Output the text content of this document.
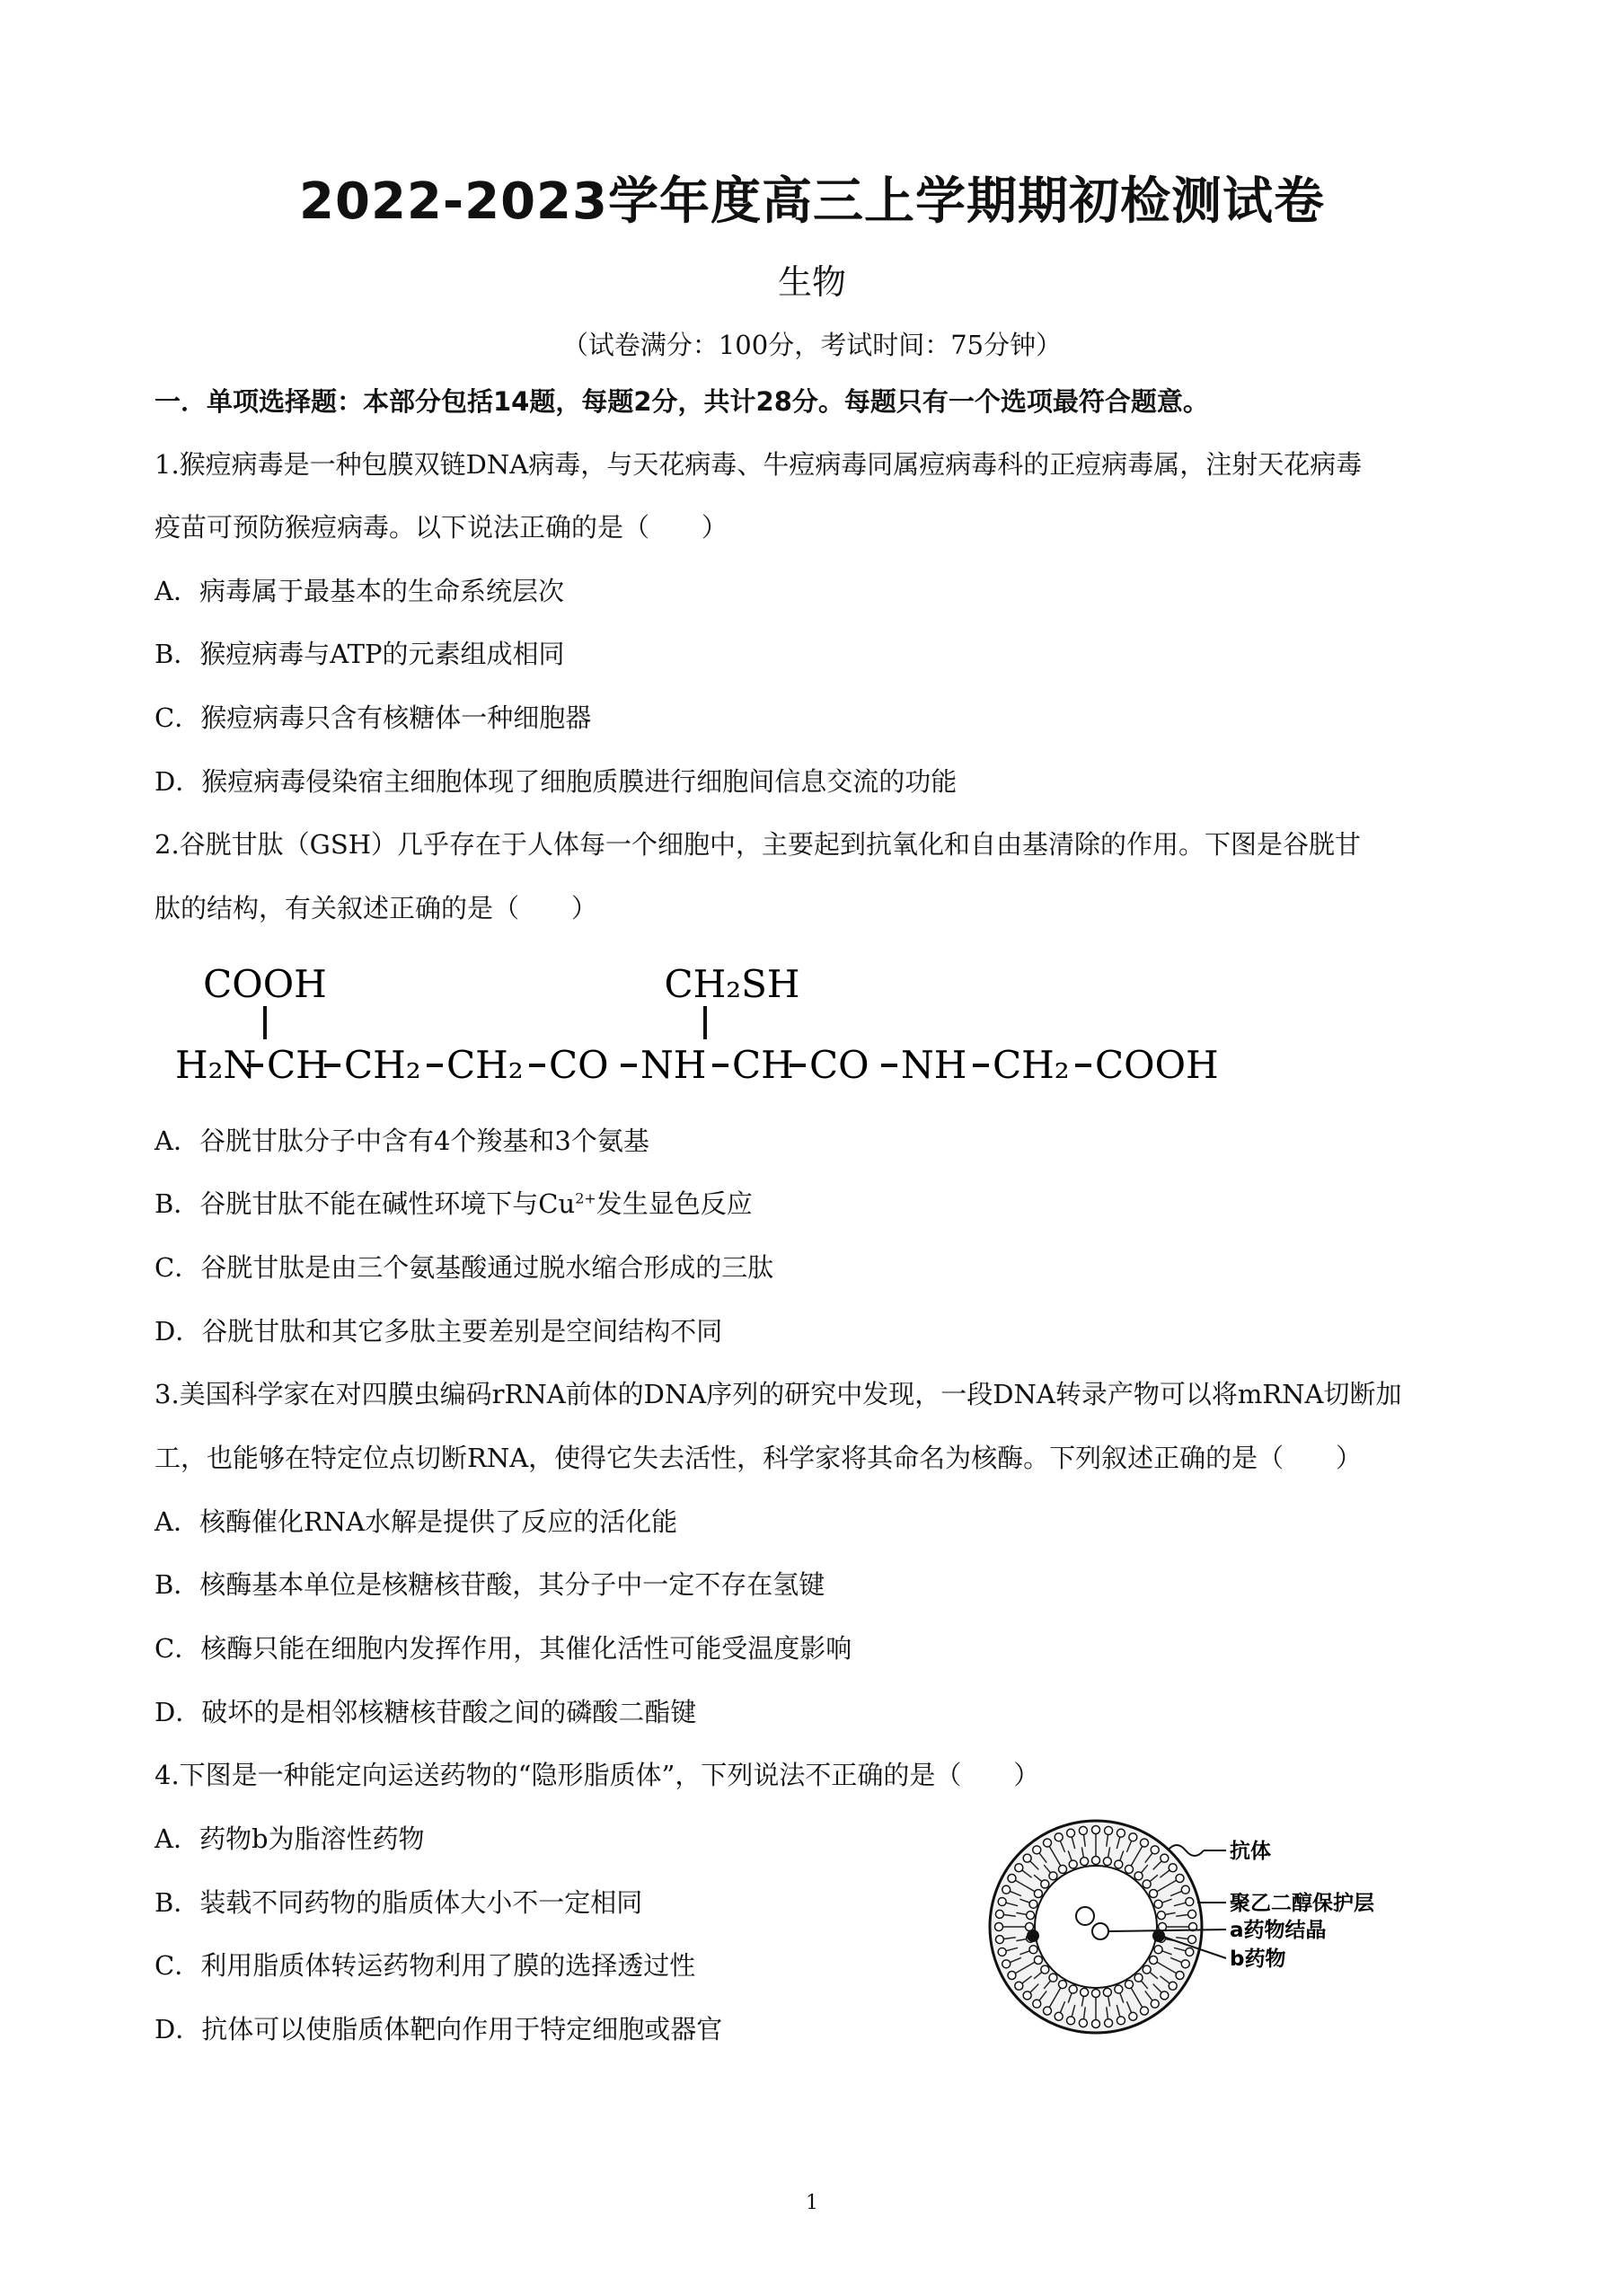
2022-2023学年度高三上学期期初检测试卷
生物
（试卷满分：100分，考试时间：75分钟）
一．单项选择题：本部分包括14题，每题2分，共计28分。每题只有一个选项最符合题意。
1.猴痘病毒是一种包膜双链DNA病毒，与天花病毒、牛痘病毒同属痘病毒科的正痘病毒属，注射天花病毒
疫苗可预防猴痘病毒。以下说法正确的是（　　）
A．病毒属于最基本的生命系统层次
B．猴痘病毒与ATP的元素组成相同
C．猴痘病毒只含有核糖体一种细胞器
D．猴痘病毒侵染宿主细胞体现了细胞质膜进行细胞间信息交流的功能
2.谷胱甘肽（GSH）几乎存在于人体每一个细胞中，主要起到抗氧化和自由基清除的作用。下图是谷胱甘
肽的结构，有关叙述正确的是（　　）
COOH	CH₂SH
H₂N CH CH₂ CH₂ CO NH CH CO NH CH₂ COOH
A．谷胱甘肽分子中含有4个羧基和3个氨基
B．谷胱甘肽不能在碱性环境下与$Cu^{2+}$发生显色反应
C．谷胱甘肽是由三个氨基酸通过脱水缩合形成的三肽
D．谷胱甘肽和其它多肽主要差别是空间结构不同
3.美国科学家在对四膜虫编码rRNA前体的DNA序列的研究中发现，一段DNA转录产物可以将mRNA切断加
工，也能够在特定位点切断RNA，使得它失去活性，科学家将其命名为核酶。下列叙述正确的是（　　）
A．核酶催化RNA水解是提供了反应的活化能
B．核酶基本单位是核糖核苷酸，其分子中一定不存在氢键
C．核酶只能在细胞内发挥作用，其催化活性可能受温度影响
D．破坏的是相邻核糖核苷酸之间的磷酸二酯键
4.下图是一种能定向运送药物的“隐形脂质体”，下列说法不正确的是（　　）
A．药物b为脂溶性药物
B．装载不同药物的脂质体大小不一定相同
C．利用脂质体转运药物利用了膜的选择透过性
D．抗体可以使脂质体靶向作用于特定细胞或器官
抗体
聚乙二醇保护层
a药物结晶
b药物
1
